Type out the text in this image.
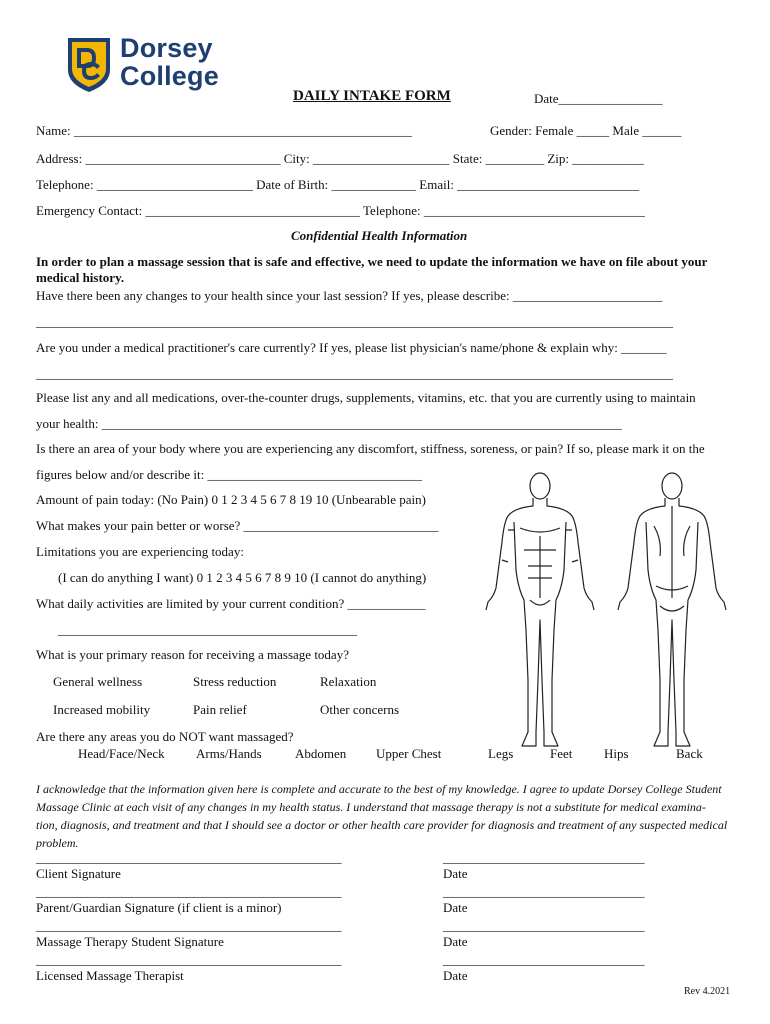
Dorsey
College
DAILY INTAKE FORM	Date________________
Name: ____________________________________________________	Gender: Female _____ Male ______
Address: ______________________________ City: _____________________ State: _________ Zip: ___________
Telephone: ________________________ Date of Birth: _____________ Email: ____________________________
Emergency Contact: _________________________________ Telephone: __________________________________
Confidential Health Information
In order to plan a massage session that is safe and effective, we need to update the information we have on file about your
medical history.
Have there been any changes to your health since your last session? If yes, please describe: _______________________
__________________________________________________________________________________________________
Are you under a medical practitioner's care currently? If yes, please list physician's name/phone & explain why: _______
__________________________________________________________________________________________________
Please list any and all medications, over-the-counter drugs, supplements, vitamins, etc. that you are currently using to maintain
your health: ________________________________________________________________________________
Is there an area of your body where you are experiencing any discomfort, stiffness, soreness, or pain? If so, please mark it on the
figures below and/or describe it: _________________________________
Amount of pain today: (No Pain) 0 1 2 3 4 5 6 7 8 19 10 (Unbearable pain)
What makes your pain better or worse? ______________________________
Limitations you are experiencing today:
(I can do anything I want) 0 1 2 3 4 5 6 7 8 9 10 (I cannot do anything)
What daily activities are limited by your current condition? ____________
______________________________________________
What is your primary reason for receiving a massage today?
General wellness	Stress reduction	Relaxation
Increased mobility	Pain relief	Other concerns
Are there any areas you do NOT want massaged?
Head/Face/Neck Arms/Hands	Abdomen Upper Chest	Legs	Feet Hips	Back
I acknowledge that the information given here is complete and accurate to the best of my knowledge. I agree to update Dorsey College Student
Massage Clinic at each visit of any changes in my health status. I understand that massage therapy is not a substitute for medical examina-
tion, diagnosis, and treatment and that I should see a doctor or other health care provider for diagnosis and treatment of any suspected medical
problem.
_______________________________________________	_______________________________
Client Signature	Date
_______________________________________________	_______________________________
Parent/Guardian Signature (if client is a minor)	Date
_______________________________________________	_______________________________
Massage Therapy Student Signature	Date
_______________________________________________	_______________________________
Licensed Massage Therapist	Date
Rev 4.2021
